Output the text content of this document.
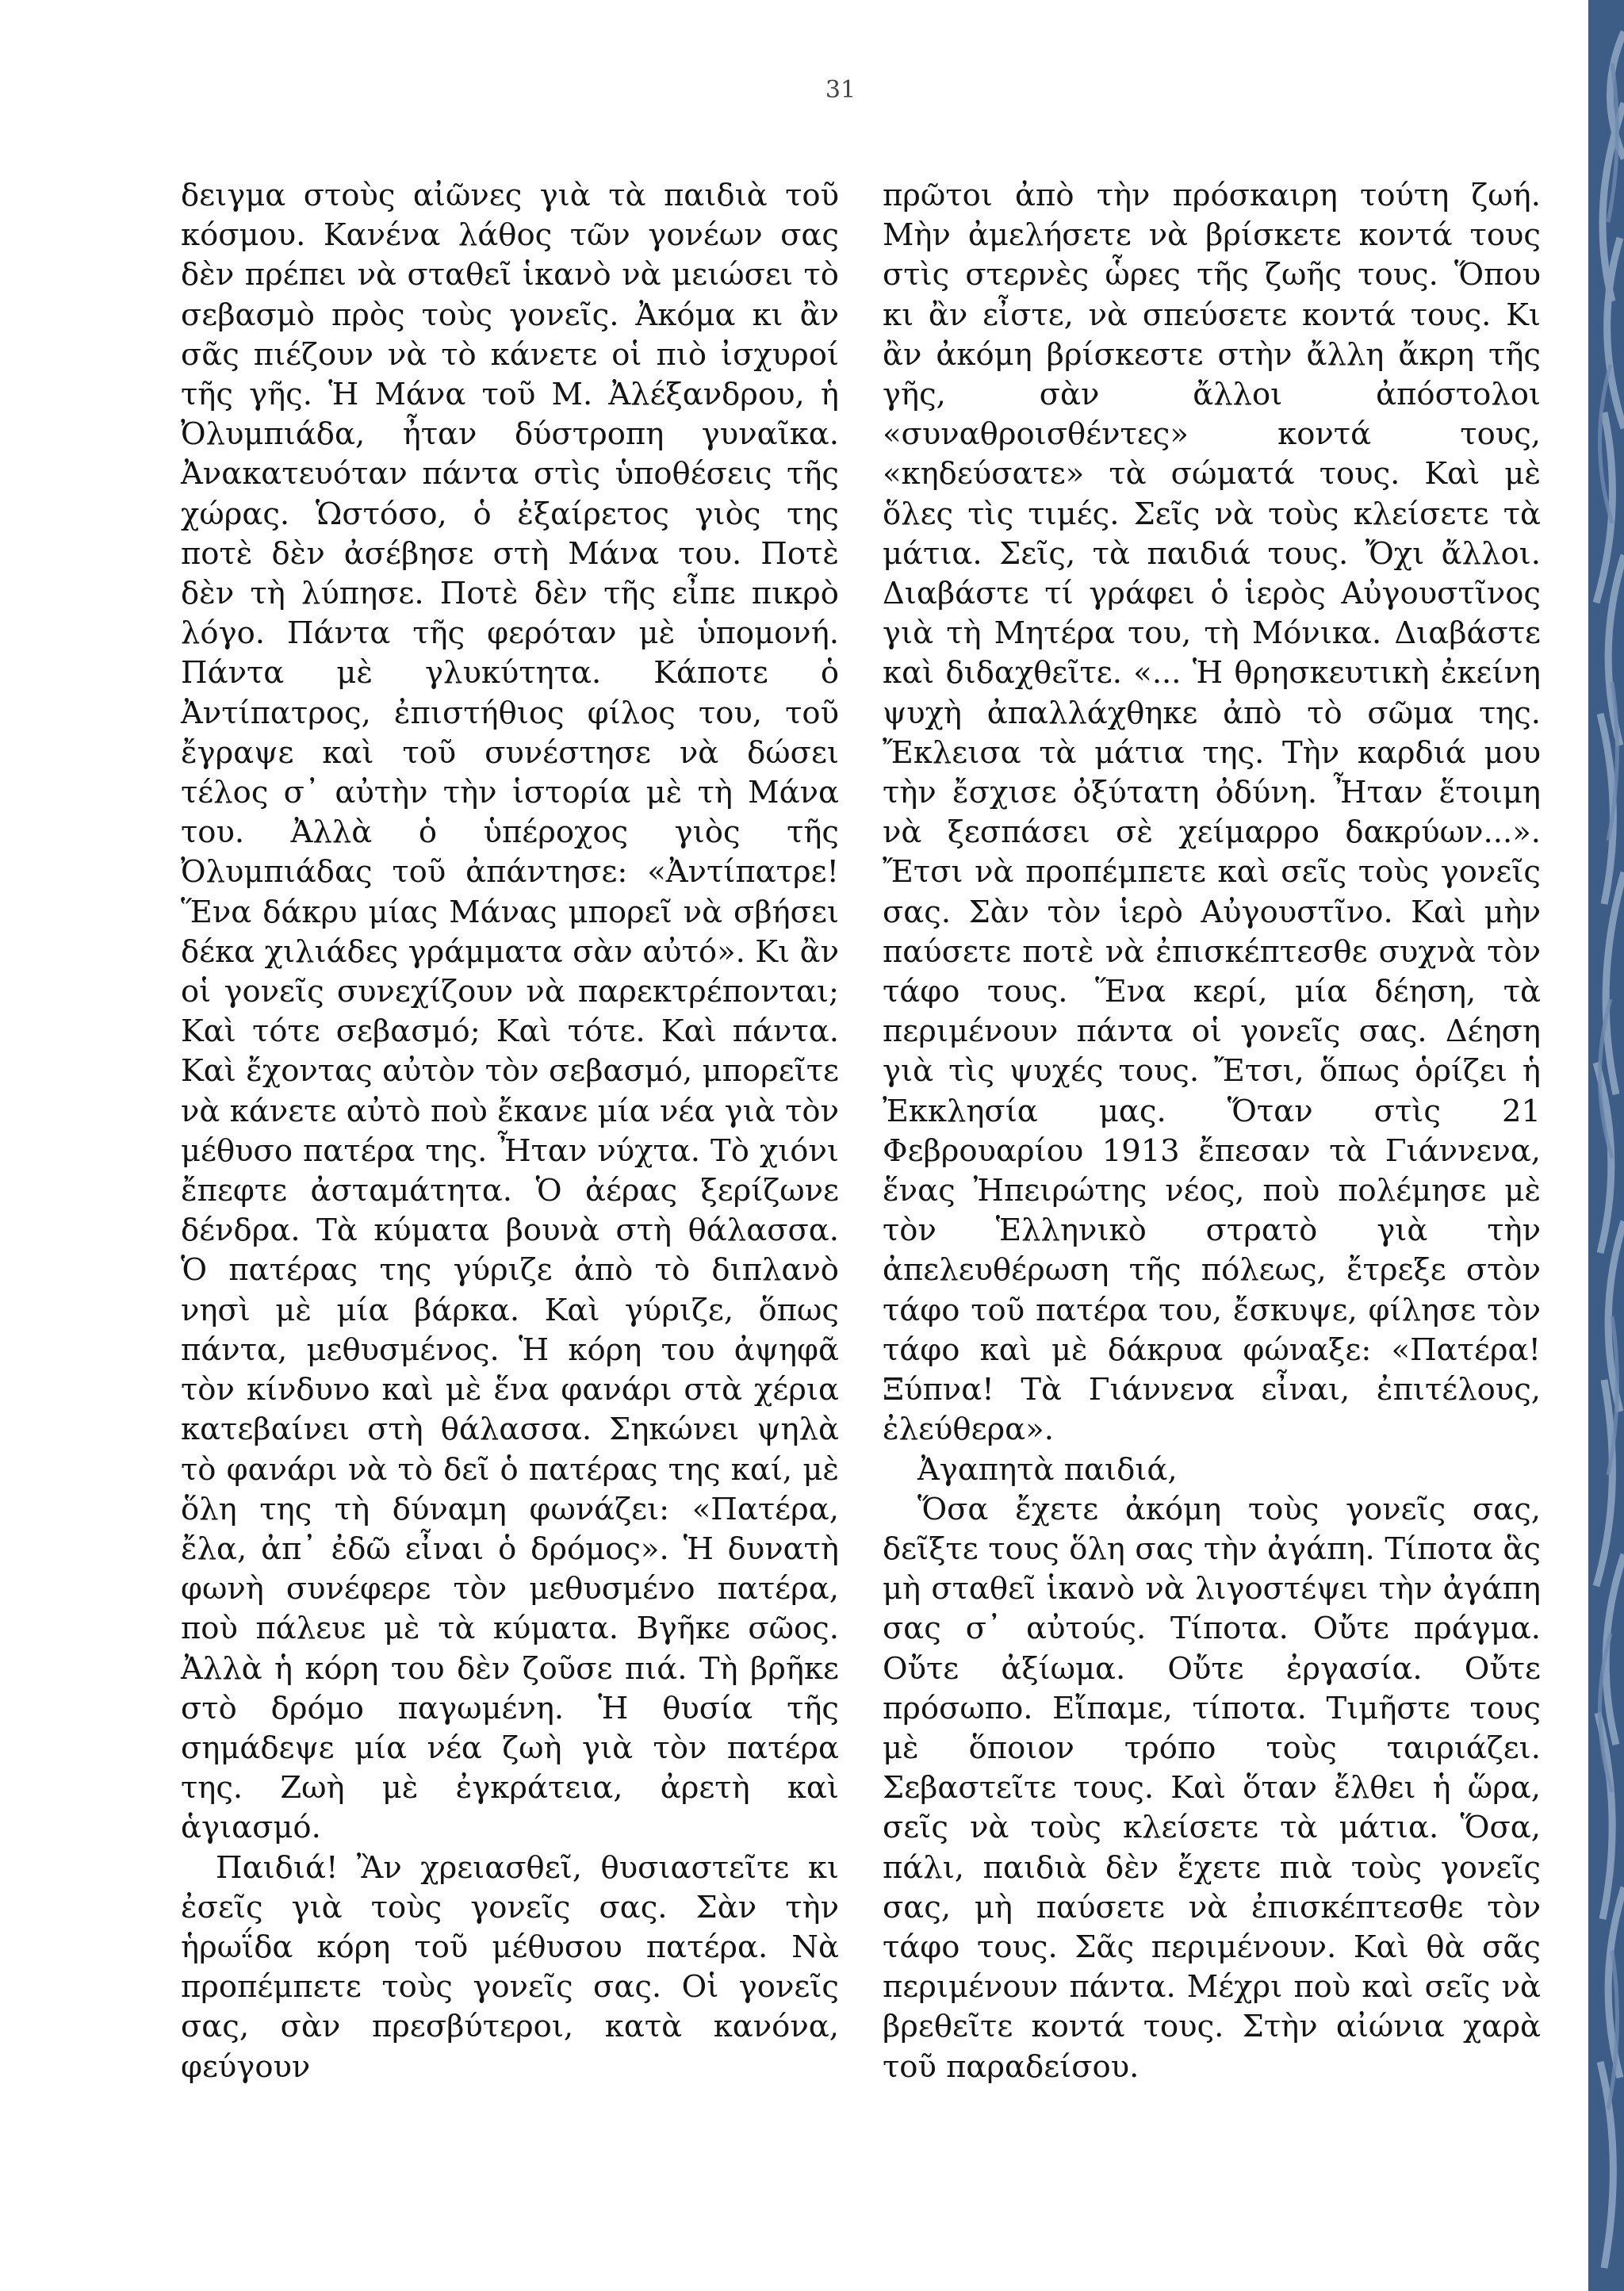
31

δειγμα στοὺς αἰῶνες γιὰ τὰ παιδιὰ τοῦ κόσμου. Κανένα λάθος τῶν γονέων σας δὲν πρέπει νὰ σταθεῖ ἱκανὸ νὰ μειώσει τὸ σεβασμὸ πρὸς τοὺς γονεῖς. Ἀκόμα κι ἂν σᾶς πιέζουν νὰ τὸ κάνετε οἱ πιὸ ἰσχυροί τῆς γῆς. Ἡ Μάνα τοῦ Μ. Ἀλέξανδρου, ἡ Ὀλυμπιάδα, ἦταν δύστροπη γυναῖκα. Ἀνακατευόταν πάντα στὶς ὑποθέσεις τῆς χώρας. Ὡστόσο, ὁ ἐξαίρετος γιὸς της ποτὲ δὲν ἀσέβησε στὴ Μάνα του. Ποτὲ δὲν τὴ λύπησε. Ποτὲ δὲν τῆς εἶπε πικρὸ λόγο. Πάντα τῆς φερόταν μὲ ὑπομονή. Πάντα μὲ γλυκύτητα. Κάποτε ὁ Ἀντίπατρος, ἐπιστήθιος φίλος του, τοῦ ἔγραψε καὶ τοῦ συνέστησε νὰ δώσει τέλος σ᾽ αὐτὴν τὴν ἱστορία μὲ τὴ Μάνα του. Ἀλλὰ ὁ ὑπέροχος γιὸς τῆς Ὀλυμπιάδας τοῦ ἀπάντησε: «Ἀντίπατρε! Ἕνα δάκρυ μίας Μάνας μπορεῖ νὰ σβήσει δέκα χιλιάδες γράμματα σὰν αὐτό». Κι ἂν οἱ γονεῖς συνεχίζουν νὰ παρεκτρέπονται; Καὶ τότε σεβασμό; Καὶ τότε. Καὶ πάντα. Καὶ ἔχοντας αὐτὸν τὸν σεβασμό, μπορεῖτε νὰ κάνετε αὐτὸ ποὺ ἔκανε μία νέα γιὰ τὸν μέθυσο πατέρα της. Ἦταν νύχτα. Τὸ χιόνι ἔπεφτε ἀσταμάτητα. Ὁ ἀέρας ξερίζωνε δένδρα. Τὰ κύματα βουνὰ στὴ θάλασσα. Ὁ πατέρας της γύριζε ἀπὸ τὸ διπλανὸ νησὶ μὲ μία βάρκα. Καὶ γύριζε, ὅπως πάντα, μεθυσμένος. Ἡ κόρη του ἀψηφᾶ τὸν κίνδυνο καὶ μὲ ἕνα φανάρι στὰ χέρια κατεβαίνει στὴ θάλασσα. Σηκώνει ψηλὰ τὸ φανάρι νὰ τὸ δεῖ ὁ πατέρας της καί, μὲ ὅλη της τὴ δύναμη φωνάζει: «Πατέρα, ἔλα, ἀπ᾽ ἐδῶ εἶναι ὁ δρόμος». Ἡ δυνατὴ φωνὴ συνέφερε τὸν μεθυσμένο πατέρα, ποὺ πάλευε μὲ τὰ κύματα. Βγῆκε σῶος. Ἀλλὰ ἡ κόρη του δὲν ζοῦσε πιά. Τὴ βρῆκε στὸ δρόμο παγωμένη. Ἡ θυσία τῆς σημάδεψε μία νέα ζωὴ γιὰ τὸν πατέρα της. Ζωὴ μὲ ἐγκράτεια, ἀρετὴ καὶ ἁγιασμό.

Παιδιά! Ἂν χρειασθεῖ, θυσιαστεῖτε κι ἐσεῖς γιὰ τοὺς γονεῖς σας. Σὰν τὴν ἡρωΐδα κόρη τοῦ μέθυσου πατέρα. Νὰ προπέμπετε τοὺς γονεῖς σας. Οἱ γονεῖς σας, σὰν πρεσβύτεροι, κατὰ κανόνα, φεύγουν

πρῶτοι ἀπὸ τὴν πρόσκαιρη τούτη ζωή. Μὴν ἀμελήσετε νὰ βρίσκετε κοντά τους στὶς στερνὲς ὧρες τῆς ζωῆς τους. Ὅπου κι ἂν εἶστε, νὰ σπεύσετε κοντά τους. Κι ἂν ἀκόμη βρίσκεστε στὴν ἄλλη ἄκρη τῆς γῆς, σὰν ἄλλοι ἀπόστολοι «συναθροισθέντες» κοντά τους, «κηδεύσατε» τὰ σώματά τους. Καὶ μὲ ὅλες τὶς τιμές. Σεῖς νὰ τοὺς κλείσετε τὰ μάτια. Σεῖς, τὰ παιδιά τους. Ὄχι ἄλλοι. Διαβάστε τί γράφει ὁ ἱερὸς Αὐγουστῖνος γιὰ τὴ Μητέρα του, τὴ Μόνικα. Διαβάστε καὶ διδαχθεῖτε. «... Ἡ θρησκευτικὴ ἐκείνη ψυχὴ ἀπαλλάχθηκε ἀπὸ τὸ σῶμα της. Ἔκλεισα τὰ μάτια της. Τὴν καρδιά μου τὴν ἔσχισε ὀξύτατη ὀδύνη. Ἦταν ἕτοιμη νὰ ξεσπάσει σὲ χείμαρρο δακρύων...». Ἔτσι νὰ προπέμπετε καὶ σεῖς τοὺς γονεῖς σας. Σὰν τὸν ἱερὸ Αὐγουστῖνο. Καὶ μὴν παύσετε ποτὲ νὰ ἐπισκέπτεσθε συχνὰ τὸν τάφο τους. Ἕνα κερί, μία δέηση, τὰ περιμένουν πάντα οἱ γονεῖς σας. Δέηση γιὰ τὶς ψυχές τους. Ἔτσι, ὅπως ὁρίζει ἡ Ἐκκλησία μας. Ὅταν στὶς 21 Φεβρουαρίου 1913 ἔπεσαν τὰ Γιάννενα, ἕνας Ἠπειρώτης νέος, ποὺ πολέμησε μὲ τὸν Ἑλληνικὸ στρατὸ γιὰ τὴν ἀπελευθέρωση τῆς πόλεως, ἔτρεξε στὸν τάφο τοῦ πατέρα του, ἔσκυψε, φίλησε τὸν τάφο καὶ μὲ δάκρυα φώναξε: «Πατέρα! Ξύπνα! Τὰ Γιάννενα εἶναι, ἐπιτέλους, ἐλεύθερα».

Ἀγαπητὰ παιδιά,

Ὅσα ἔχετε ἀκόμη τοὺς γονεῖς σας, δεῖξτε τους ὅλη σας τὴν ἀγάπη. Τίποτα ἃς μὴ σταθεῖ ἱκανὸ νὰ λιγοστέψει τὴν ἀγάπη σας σ᾽ αὐτούς. Τίποτα. Οὔτε πράγμα. Οὔτε ἀξίωμα. Οὔτε ἐργασία. Οὔτε πρόσωπο. Εἴπαμε, τίποτα. Τιμῆστε τους μὲ ὅποιον τρόπο τοὺς ταιριάζει. Σεβαστεῖτε τους. Καὶ ὅταν ἔλθει ἡ ὥρα, σεῖς νὰ τοὺς κλείσετε τὰ μάτια. Ὅσα, πάλι, παιδιὰ δὲν ἔχετε πιὰ τοὺς γονεῖς σας, μὴ παύσετε νὰ ἐπισκέπτεσθε τὸν τάφο τους. Σᾶς περιμένουν. Καὶ θὰ σᾶς περιμένουν πάντα. Μέχρι ποὺ καὶ σεῖς νὰ βρεθεῖτε κοντά τους. Στὴν αἰώνια χαρὰ τοῦ παραδείσου.
